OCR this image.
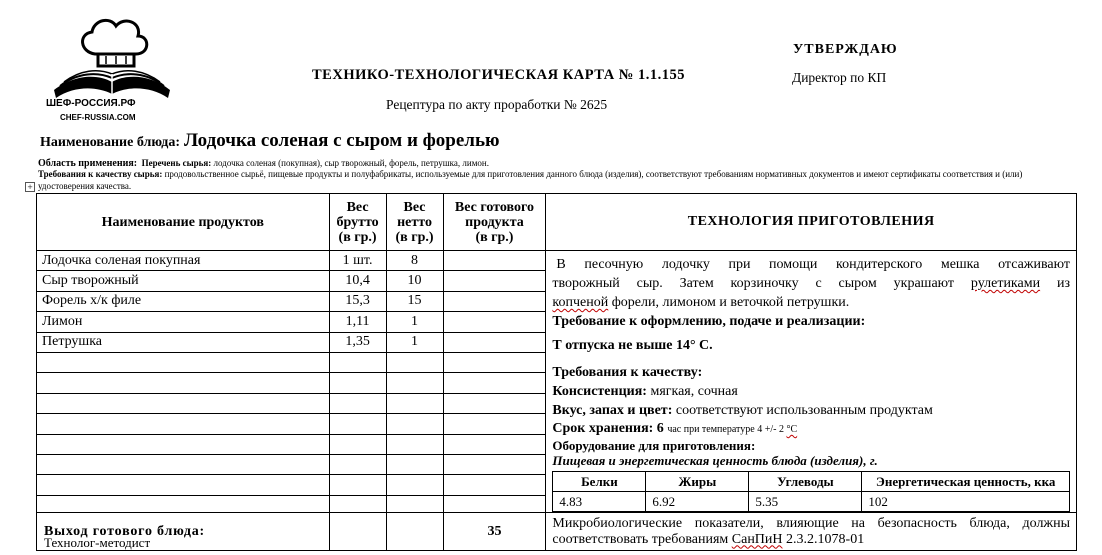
ШЕФ-РОССИЯ.РФ
CHEF-RUSSIA.COM
ТЕХНИКО-ТЕХНОЛОГИЧЕСКАЯ КАРТА № 1.1.155
Рецептура по акту проработки № 2625
УТВЕРЖДАЮ
Директор по КП
Наименование блюда: Лодочка соленая с сыром и форелью
Область применения: Перечень сырья: лодочка соленая (покупная), сыр творожный, форель, петрушка, лимон.
Требования к качеству сырья: продовольственное сырьё, пищевые продукты и полуфабрикаты, используемые для приготовления данного блюда (изделия), соответствуют требованиям нормативных документов и имеют сертификаты соответствия и (или) удостоверения качества.
+
Наименование продуктов	
Вес
брутто
(в гр.)

Вес
нетто
(в гр.)

Вес готового
продукта
(в гр.)
	ТЕХНОЛОГИЯ ПРИГОТОВЛЕНИЯ
Лодочка соленая покупная	1 шт.	8		В песочную лодочку при помощи кондитерского мешка отсаживают
творожный сыр. Затем корзиночку с сыром украшают рулетиками из
копченой форели, лимоном и веточкой петрушки.
Требование к оформлению, подаче и реализации:
Т отпуска не выше 14° С.
Требования к качеству:
Консистенция: мягкая, сочная
Вкус, запах и цвет: соответствуют использованным продуктам
Срок хранения: 6 час при температуре 4 +/- 2 °С
Оборудование для приготовления:
Пищевая и энергетическая ценность блюда (изделия), г.
Белки	Жиры	Углеводы	Энергетическая ценность, кка
4.83	6.92	5.35	102

Сыр творожный	10,4	10	
Форель х/к филе	15,3	15	
Лимон	1,11	1	
Петрушка	1,35	1	

Выход готового блюда:			35	
Микробиологические показатели, влияющие на безопасность блюда, должны
соответствовать требованиям СанПиН 2.3.2.1078-01
Технолог-методист
